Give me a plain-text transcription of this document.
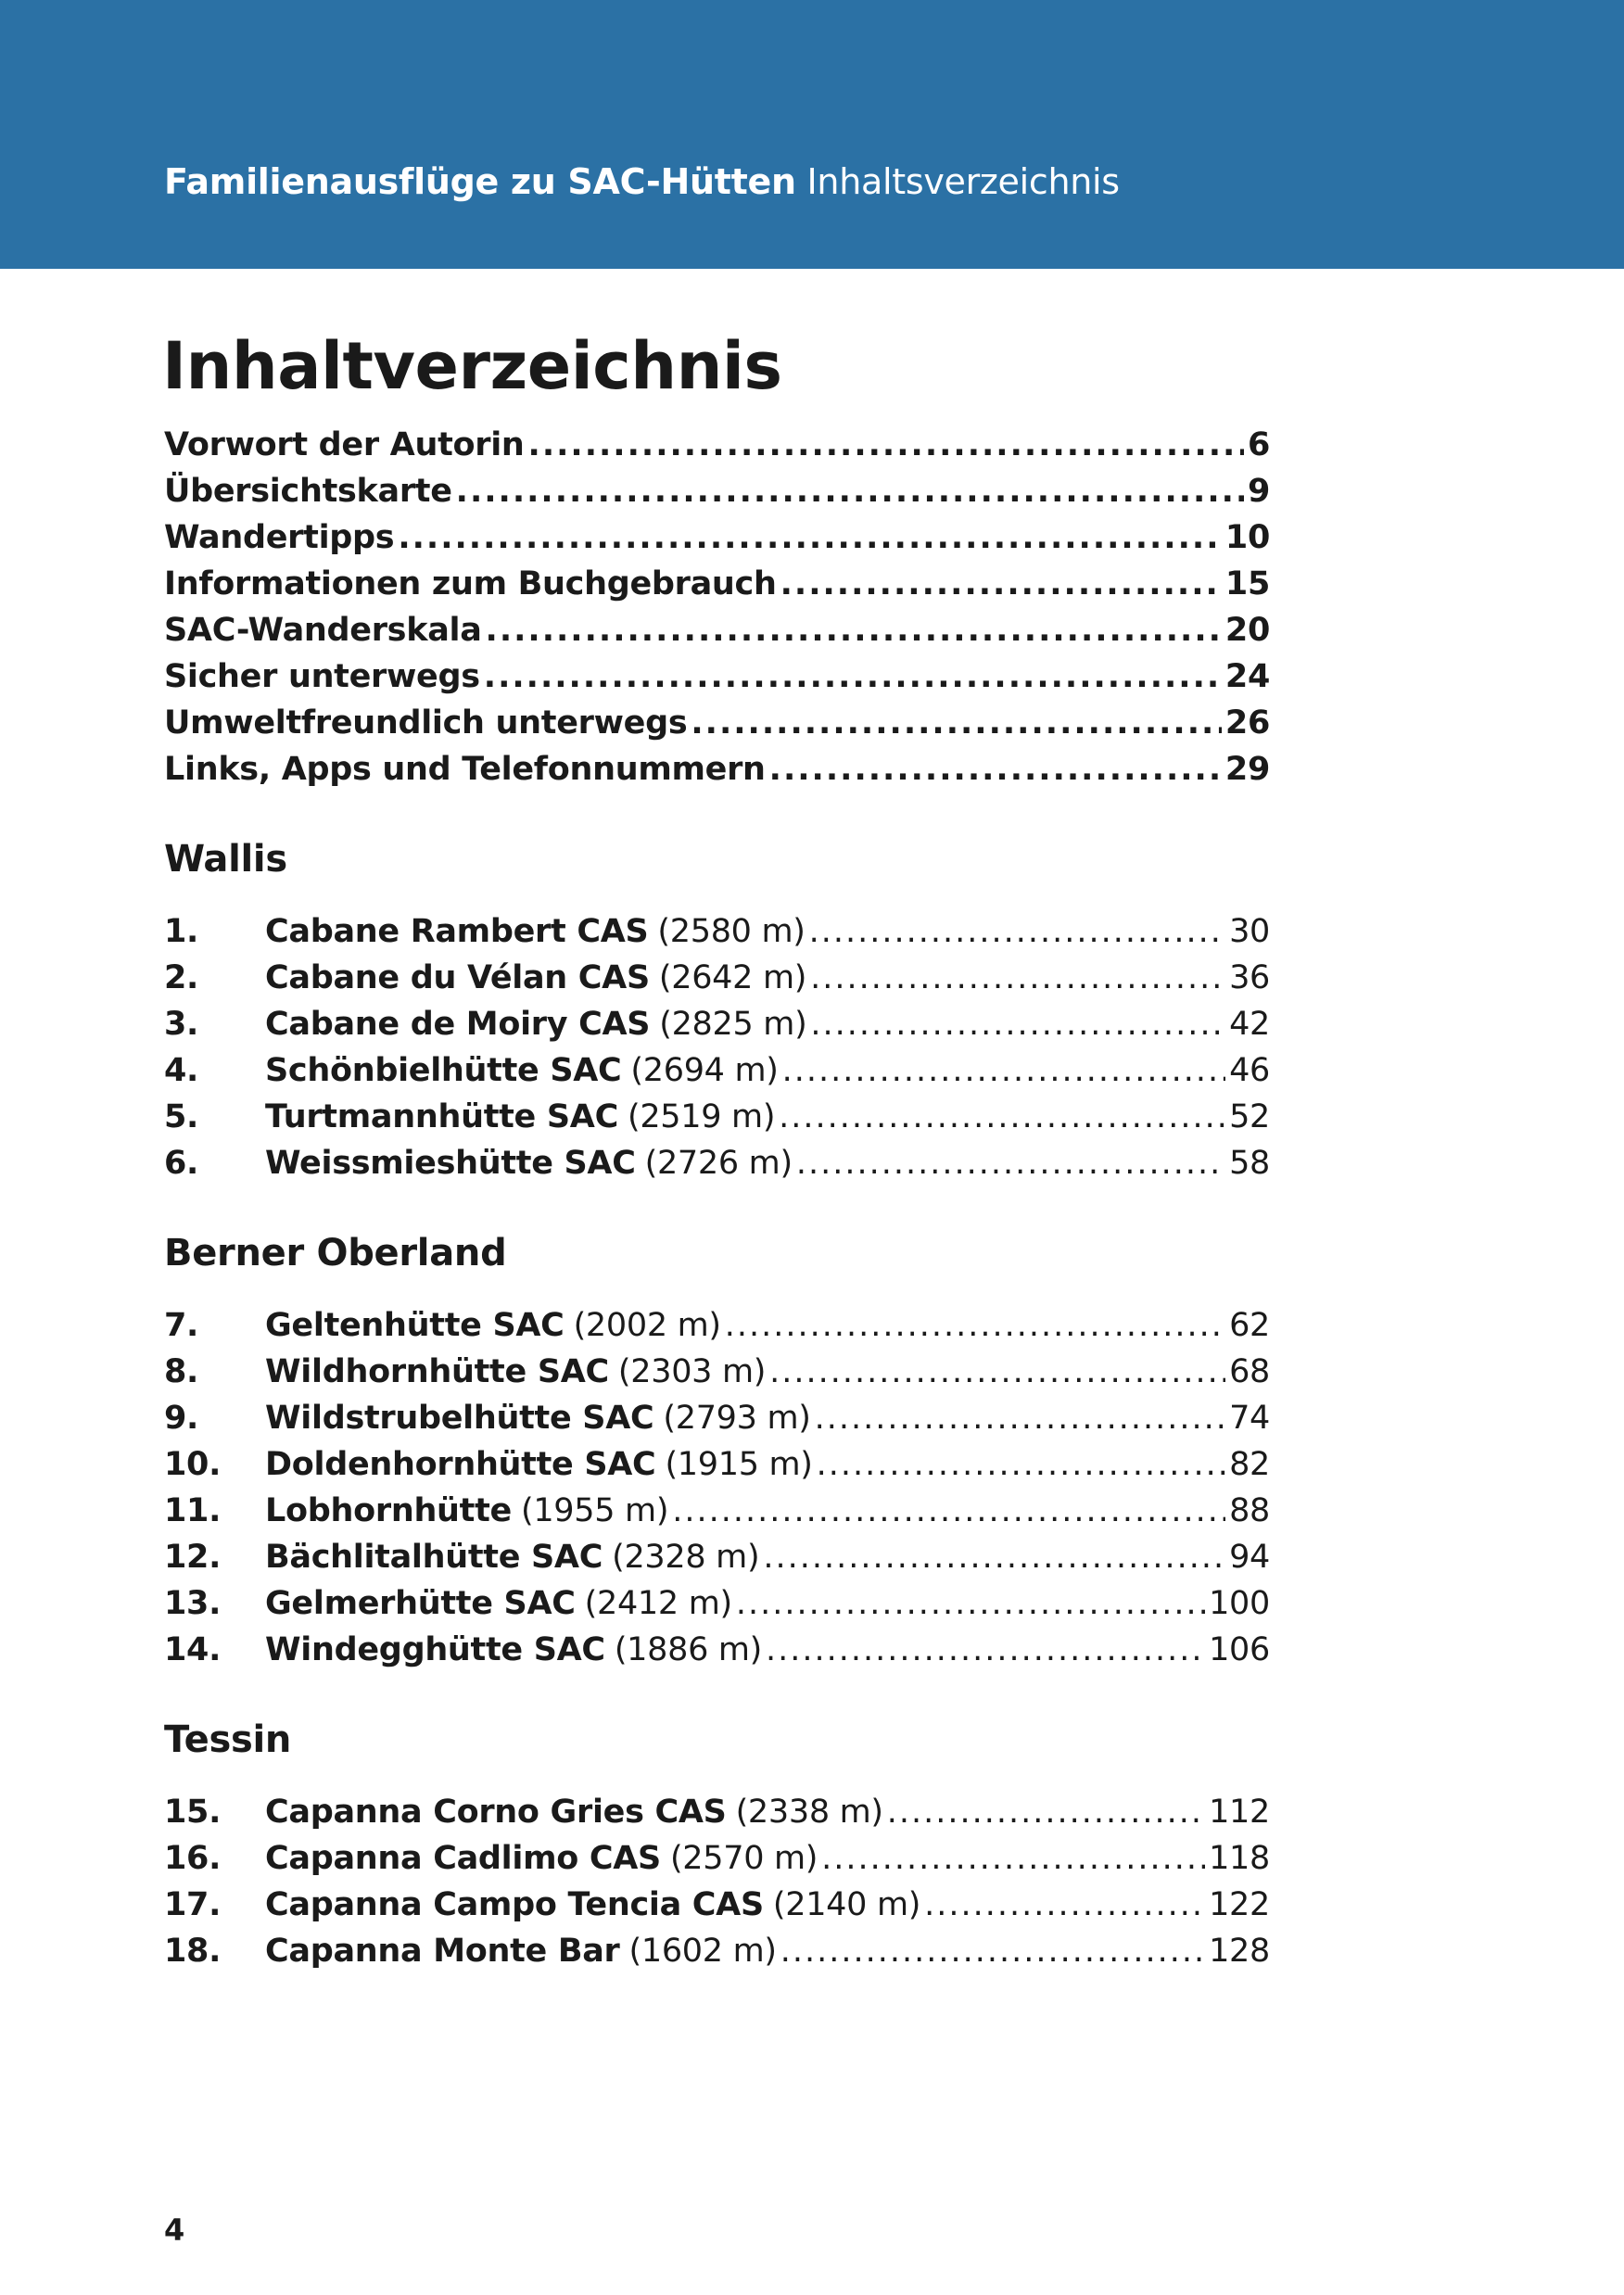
Familienausflüge zu SAC-Hütten Inhaltsverzeichnis
Inhaltverzeichnis
Vorwort der Autorin .....	6
Übersichtskarte .....	9
Wandertipps .....	10
Informationen zum Buchgebrauch .....	15
SAC-Wanderskala .....	20
Sicher unterwegs .....	24
Umweltfreundlich unterwegs .....	26
Links, Apps und Telefonnummern .....	29
Wallis
1.	Cabane Rambert CAS (2580 m) .....	30
2.	Cabane du Vélan CAS (2642 m) .....	36
3.	Cabane de Moiry CAS (2825 m) .....	42
4.	Schönbielhütte SAC (2694 m) .....	46
5.	Turtmannhütte SAC (2519 m) .....	52
6.	Weissmieshütte SAC (2726 m) .....	58
Berner Oberland
7.	Geltenhütte SAC (2002 m) .....	62
8.	Wildhornhütte SAC (2303 m) .....	68
9.	Wildstrubelhütte SAC (2793 m) .....	74
10.	Doldenhornhütte SAC (1915 m) .....	82
11.	Lobhornhütte (1955 m) .....	88
12.	Bächlitalhütte SAC (2328 m) .....	94
13.	Gelmerhütte SAC (2412 m) .....	100
14.	Windegghütte SAC (1886 m) .....	106
Tessin
15.	Capanna Corno Gries CAS (2338 m) .....	112
16.	Capanna Cadlimo CAS (2570 m) .....	118
17.	Capanna Campo Tencia CAS (2140 m) .....	122
18.	Capanna Monte Bar (1602 m) .....	128
4
